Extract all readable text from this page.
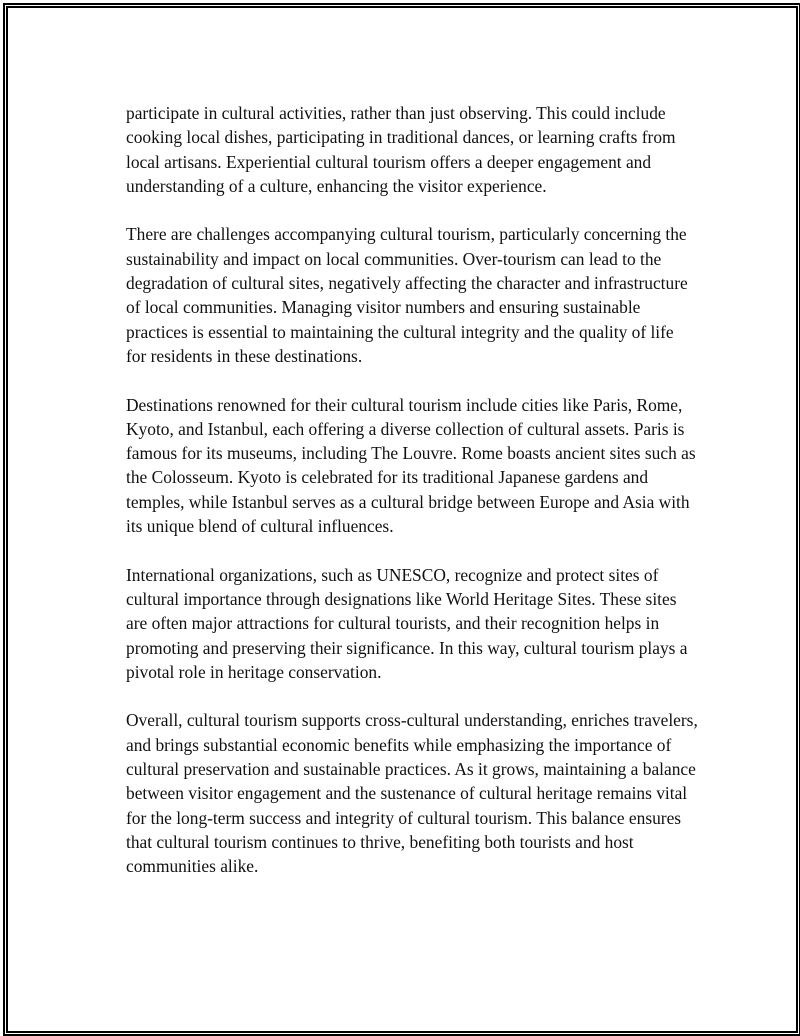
participate in cultural activities, rather than just observing. This could include cooking local dishes, participating in traditional dances, or learning crafts from local artisans. Experiential cultural tourism offers a deeper engagement and understanding of a culture, enhancing the visitor experience.

There are challenges accompanying cultural tourism, particularly concerning the sustainability and impact on local communities. Over-tourism can lead to the degradation of cultural sites, negatively affecting the character and infrastructure of local communities. Managing visitor numbers and ensuring sustainable practices is essential to maintaining the cultural integrity and the quality of life for residents in these destinations.

Destinations renowned for their cultural tourism include cities like Paris, Rome, Kyoto, and Istanbul, each offering a diverse collection of cultural assets. Paris is famous for its museums, including The Louvre. Rome boasts ancient sites such as the Colosseum. Kyoto is celebrated for its traditional Japanese gardens and temples, while Istanbul serves as a cultural bridge between Europe and Asia with its unique blend of cultural influences.

International organizations, such as UNESCO, recognize and protect sites of cultural importance through designations like World Heritage Sites. These sites are often major attractions for cultural tourists, and their recognition helps in promoting and preserving their significance. In this way, cultural tourism plays a pivotal role in heritage conservation.

Overall, cultural tourism supports cross-cultural understanding, enriches travelers, and brings substantial economic benefits while emphasizing the importance of cultural preservation and sustainable practices. As it grows, maintaining a balance between visitor engagement and the sustenance of cultural heritage remains vital for the long-term success and integrity of cultural tourism. This balance ensures that cultural tourism continues to thrive, benefiting both tourists and host communities alike.
